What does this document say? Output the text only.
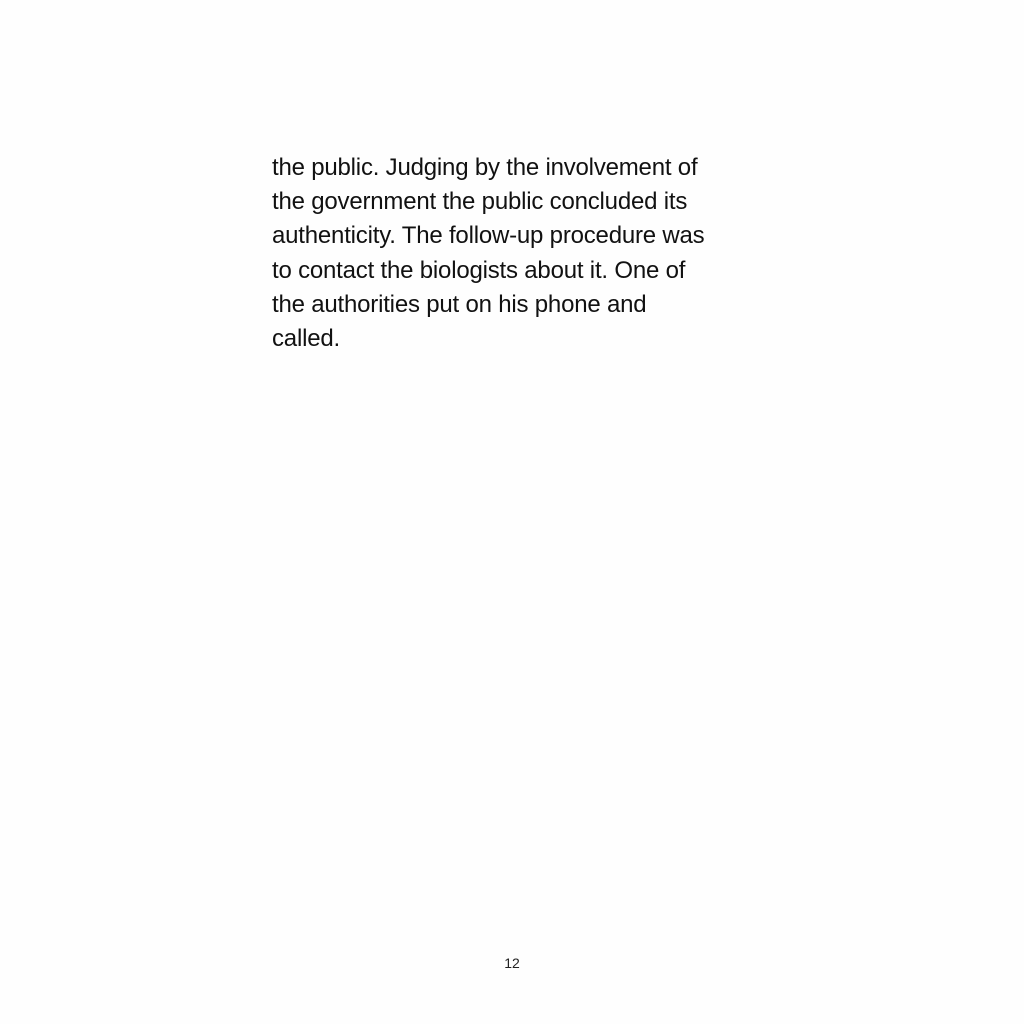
the public. Judging by the involvement of
the government the public concluded its
authenticity. The follow-up procedure was
to contact the biologists about it. One of
the authorities put on his phone and
called.
12
